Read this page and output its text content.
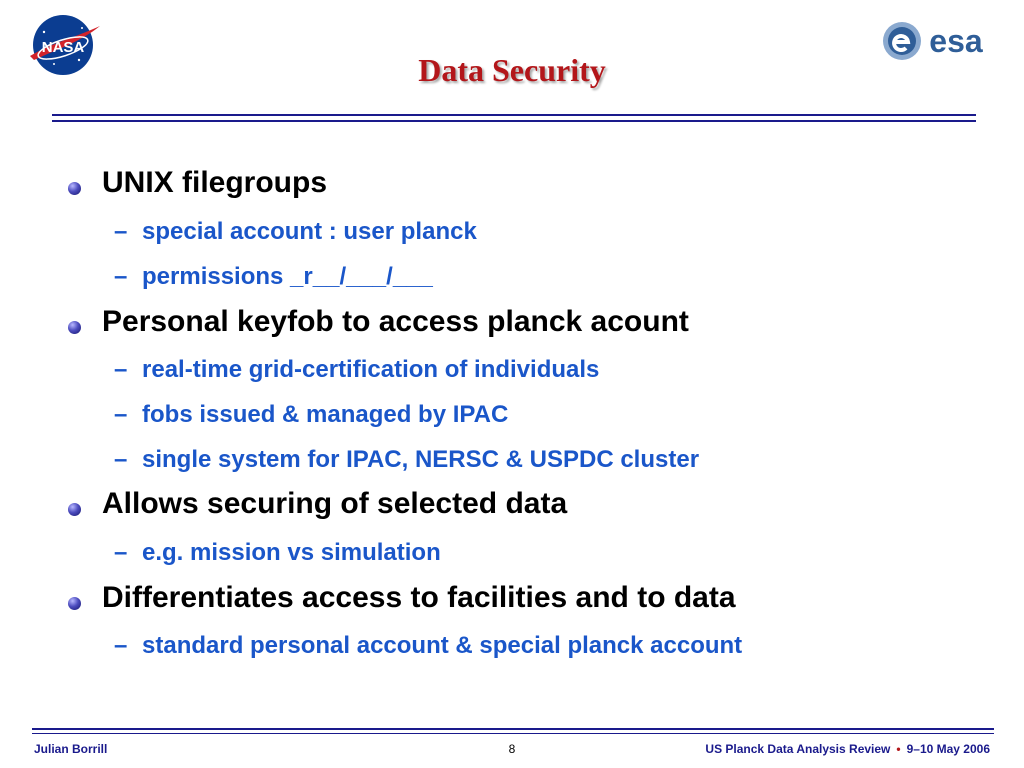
NASA	esa
Data Security
UNIX filegroups
– special account : user planck
– permissions _r__/___/___
Personal keyfob to access planck acount
– real-time grid-certification of individuals
– fobs issued & managed by IPAC
– single system for IPAC, NERSC & USPDC cluster
Allows securing of selected data
– e.g. mission vs simulation
Differentiates access to facilities and to data
– standard personal account & special planck account
Julian Borrill	8	US Planck Data Analysis Review • 9–10 May 2006
